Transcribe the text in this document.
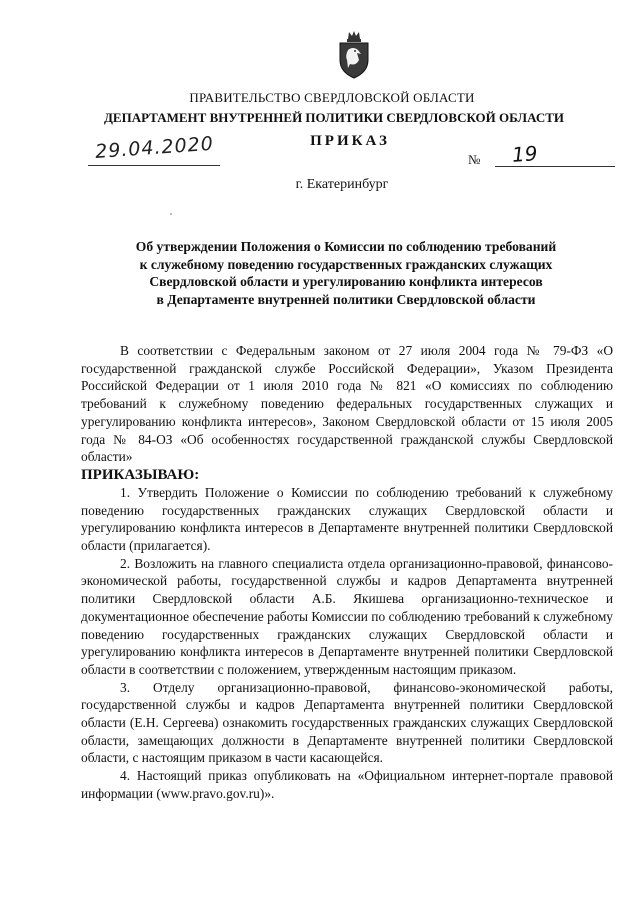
ПРАВИТЕЛЬСТВО СВЕРДЛОВСКОЙ ОБЛАСТИ
ДЕПАРТАМЕНТ ВНУТРЕННЕЙ ПОЛИТИКИ СВЕРДЛОВСКОЙ ОБЛАСТИ
ПРИКАЗ
29.04.2020	№ 19
г. Екатеринбург
Об утверждении Положения о Комиссии по соблюдению требований
к служебному поведению государственных гражданских служащих
Свердловской области и урегулированию конфликта интересов
в Департаменте внутренней политики Свердловской области

В соответствии с Федеральным законом от 27 июля 2004 года № 79-ФЗ «О государственной гражданской службе Российской Федерации», Указом Президента Российской Федерации от 1 июля 2010 года № 821 «О комиссиях по соблюдению требований к служебному поведению федеральных государственных служащих и урегулированию конфликта интересов», Законом Свердловской области от 15 июля 2005 года № 84-ОЗ «Об особенностях государственной гражданской службы Свердловской области»

ПРИКАЗЫВАЮ:

1. Утвердить Положение о Комиссии по соблюдению требований к служебному поведению государственных гражданских служащих Свердловской области и урегулированию конфликта интересов в Департаменте внутренней политики Свердловской области (прилагается).

2. Возложить на главного специалиста отдела организационно-правовой, финансово-экономической работы, государственной службы и кадров Департамента внутренней политики Свердловской области А.Б. Якишева организационно-техническое и документационное обеспечение работы Комиссии по соблюдению требований к служебному поведению государственных гражданских служащих Свердловской области и урегулированию конфликта интересов в Департаменте внутренней политики Свердловской области в соответствии с положением, утвержденным настоящим приказом.

3. Отделу организационно-правовой, финансово-экономической работы, государственной службы и кадров Департамента внутренней политики Свердловской области (Е.Н. Сергеева) ознакомить государственных гражданских служащих Свердловской области, замещающих должности в Департаменте внутренней политики Свердловской области, с настоящим приказом в части касающейся.

4. Настоящий приказ опубликовать на «Официальном интернет-портале правовой информации (www.pravo.gov.ru)».
